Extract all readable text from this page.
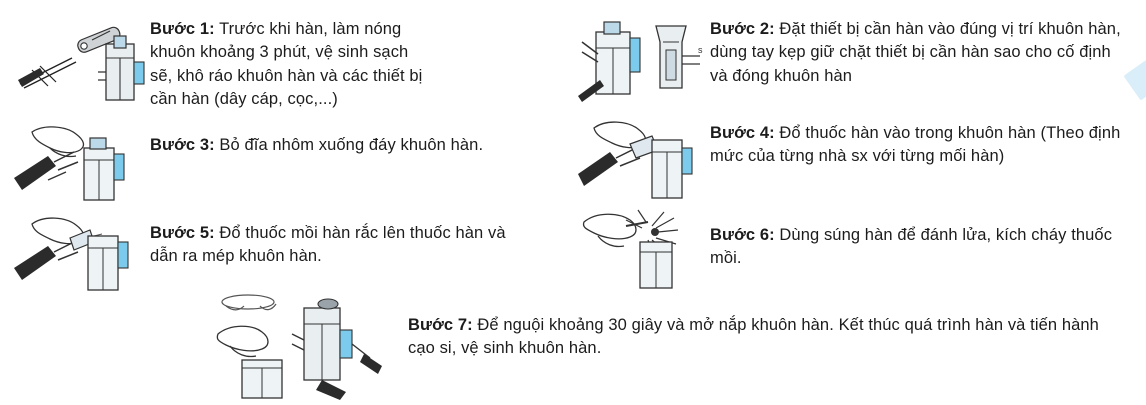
Bước 1: Trước khi hàn, làm nóng khuôn khoảng 3 phút, vệ sinh sạch sẽ, khô ráo khuôn hàn và các thiết bị cần hàn (dây cáp, cọc,...)
s
Bước 2: Đặt thiết bị cần hàn vào đúng vị trí khuôn hàn, dùng tay kẹp giữ chặt thiết bị cần hàn sao cho cố định và đóng khuôn hàn
Bước 3: Bỏ đĩa nhôm xuống đáy khuôn hàn.
Bước 4: Đổ thuốc hàn vào trong khuôn hàn (Theo định mức của từng nhà sx với từng mối hàn)
Bước 5: Đổ thuốc mồi hàn rắc lên thuốc hàn và dẫn ra mép khuôn hàn.
Bước 6: Dùng súng hàn để đánh lửa, kích cháy thuốc mồi.
Bước 7: Để nguội khoảng 30 giây và mở nắp khuôn hàn. Kết thúc quá trình hàn và tiến hành cạo si, vệ sinh khuôn hàn.
